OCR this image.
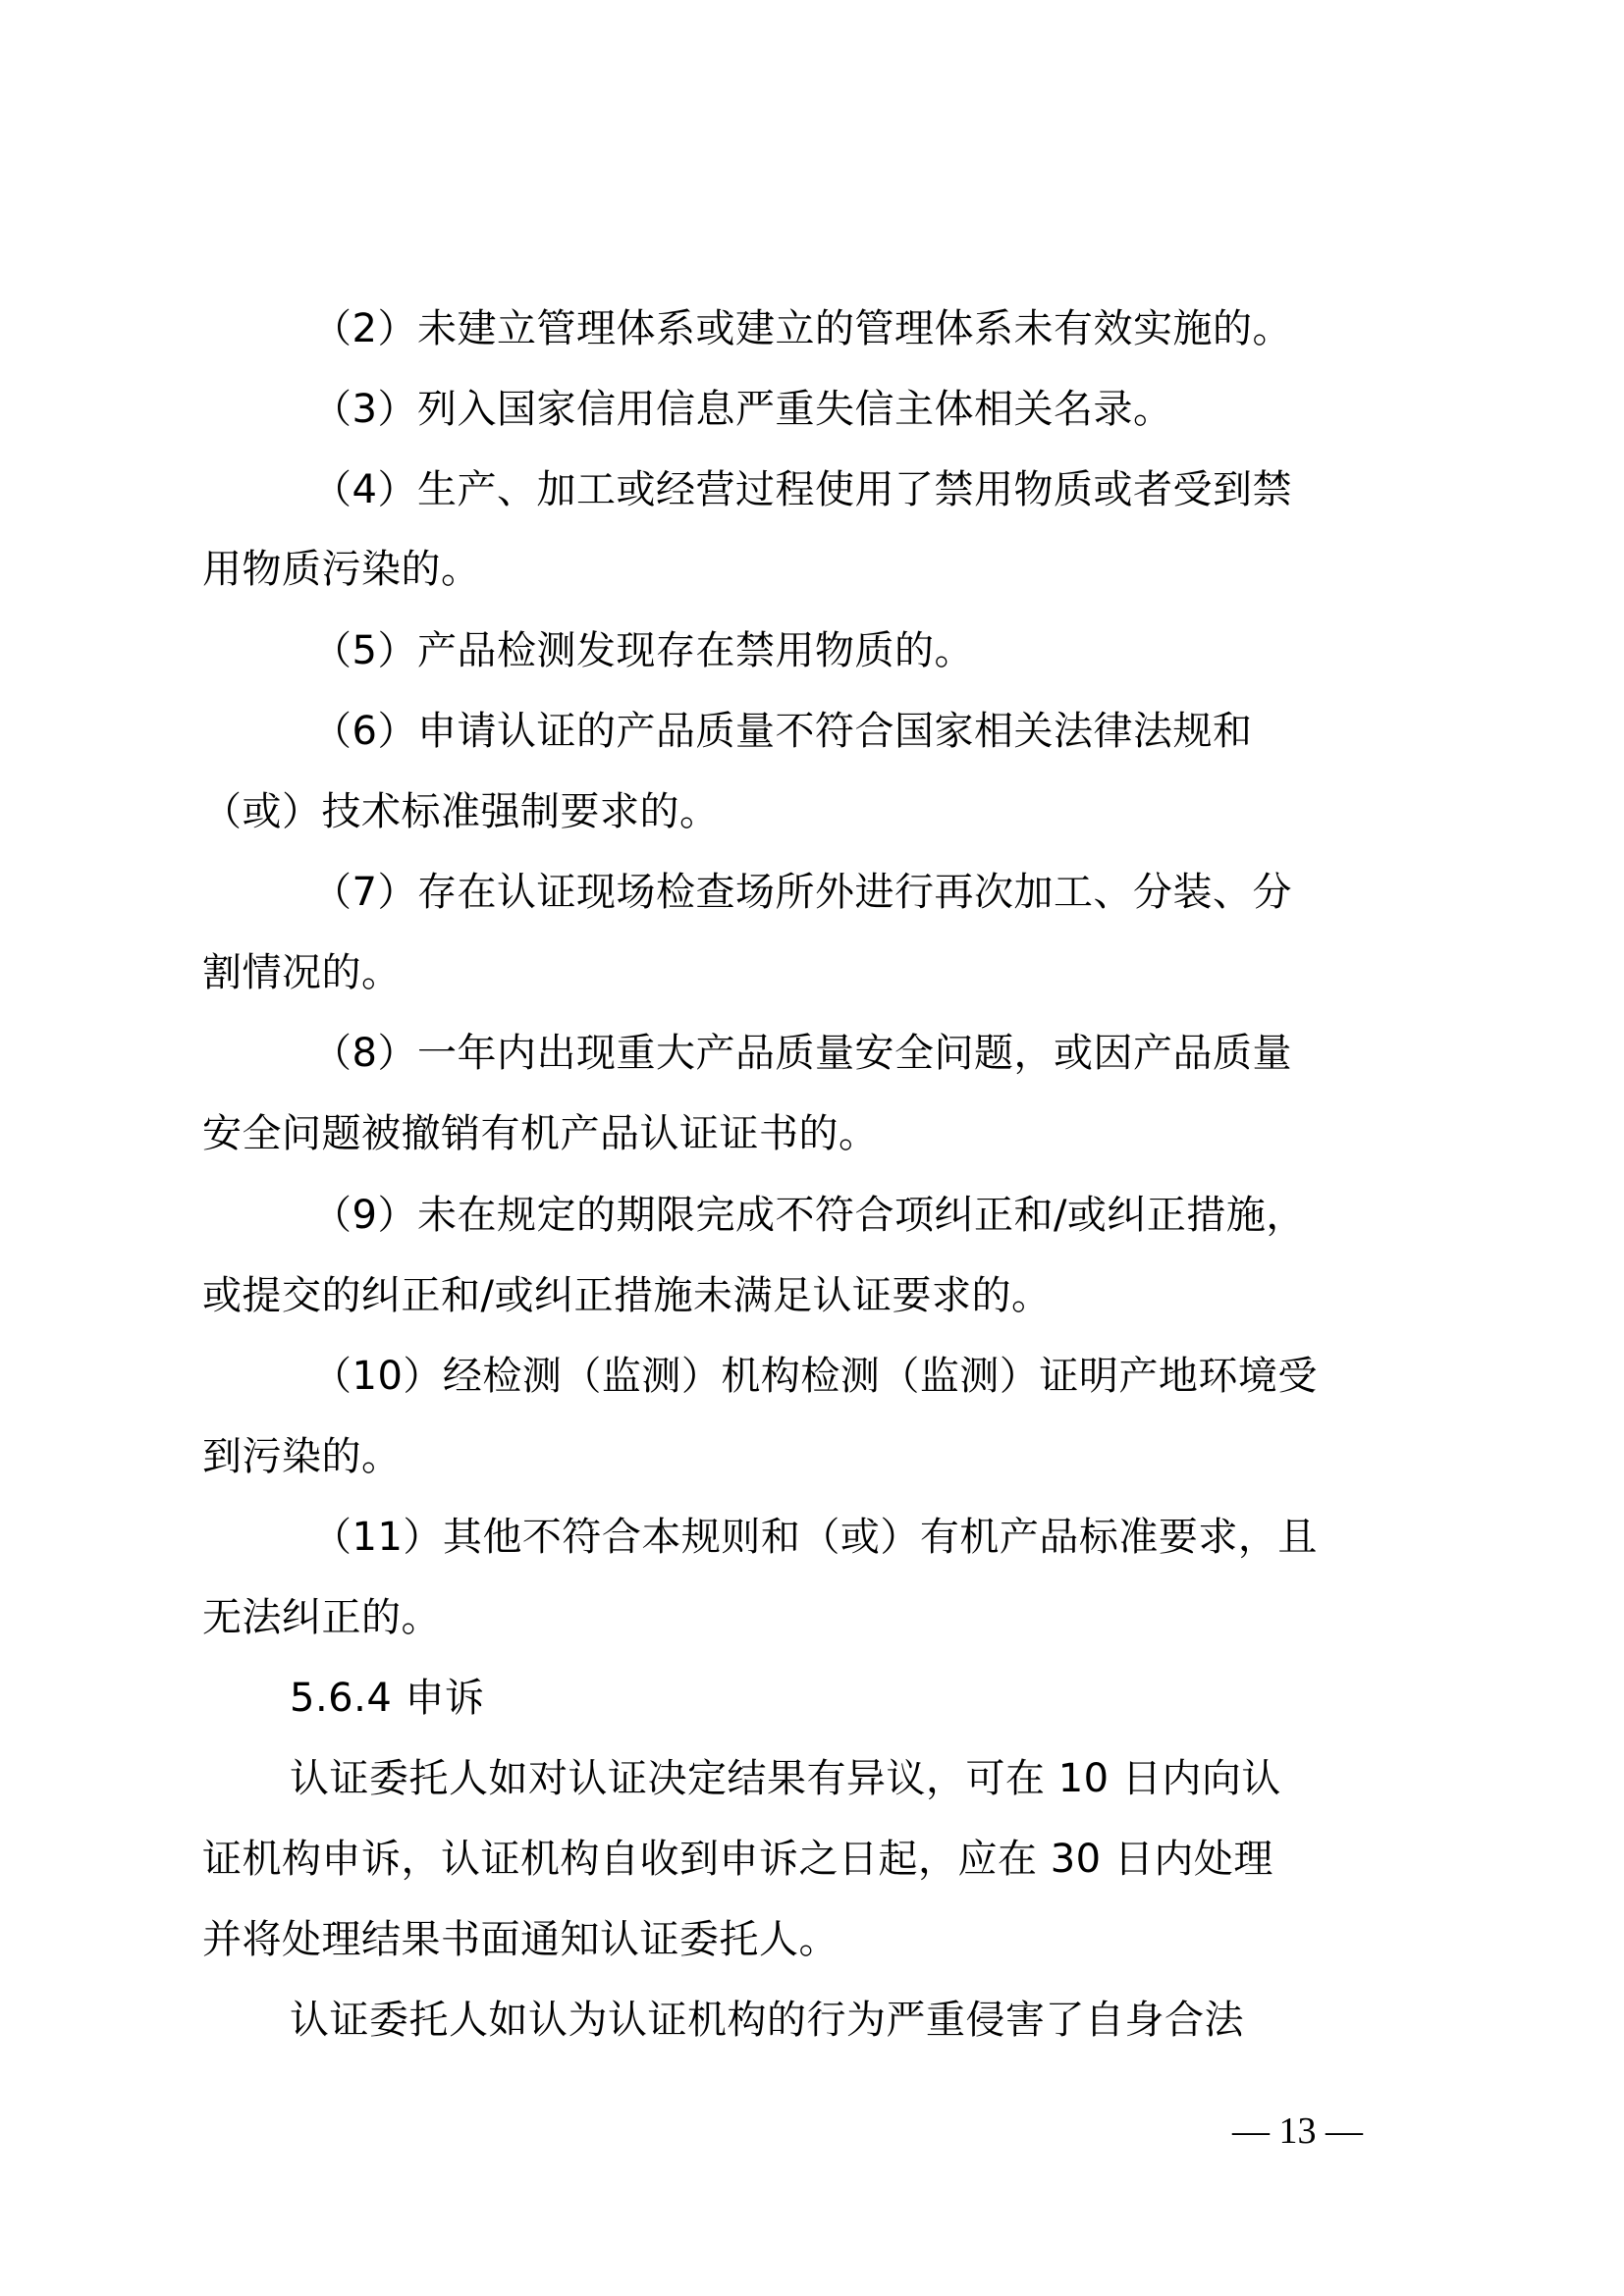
（2）未建立管理体系或建立的管理体系未有效实施的。
（3）列入国家信用信息严重失信主体相关名录。
（4）生产、加工或经营过程使用了禁用物质或者受到禁
用物质污染的。
（5）产品检测发现存在禁用物质的。
（6）申请认证的产品质量不符合国家相关法律法规和
（或）技术标准强制要求的。
（7）存在认证现场检查场所外进行再次加工、分装、分
割情况的。
（8）一年内出现重大产品质量安全问题，或因产品质量
安全问题被撤销有机产品认证证书的。
（9）未在规定的期限完成不符合项纠正和/或纠正措施，
或提交的纠正和/或纠正措施未满足认证要求的。
（10）经检测（监测）机构检测（监测）证明产地环境受
到污染的。
（11）其他不符合本规则和（或）有机产品标准要求，且
无法纠正的。
5.6.4 申诉
认证委托人如对认证决定结果有异议，可在 10 日内向认
证机构申诉，认证机构自收到申诉之日起，应在 30 日内处理
并将处理结果书面通知认证委托人。
认证委托人如认为认证机构的行为严重侵害了自身合法
— 13 —
